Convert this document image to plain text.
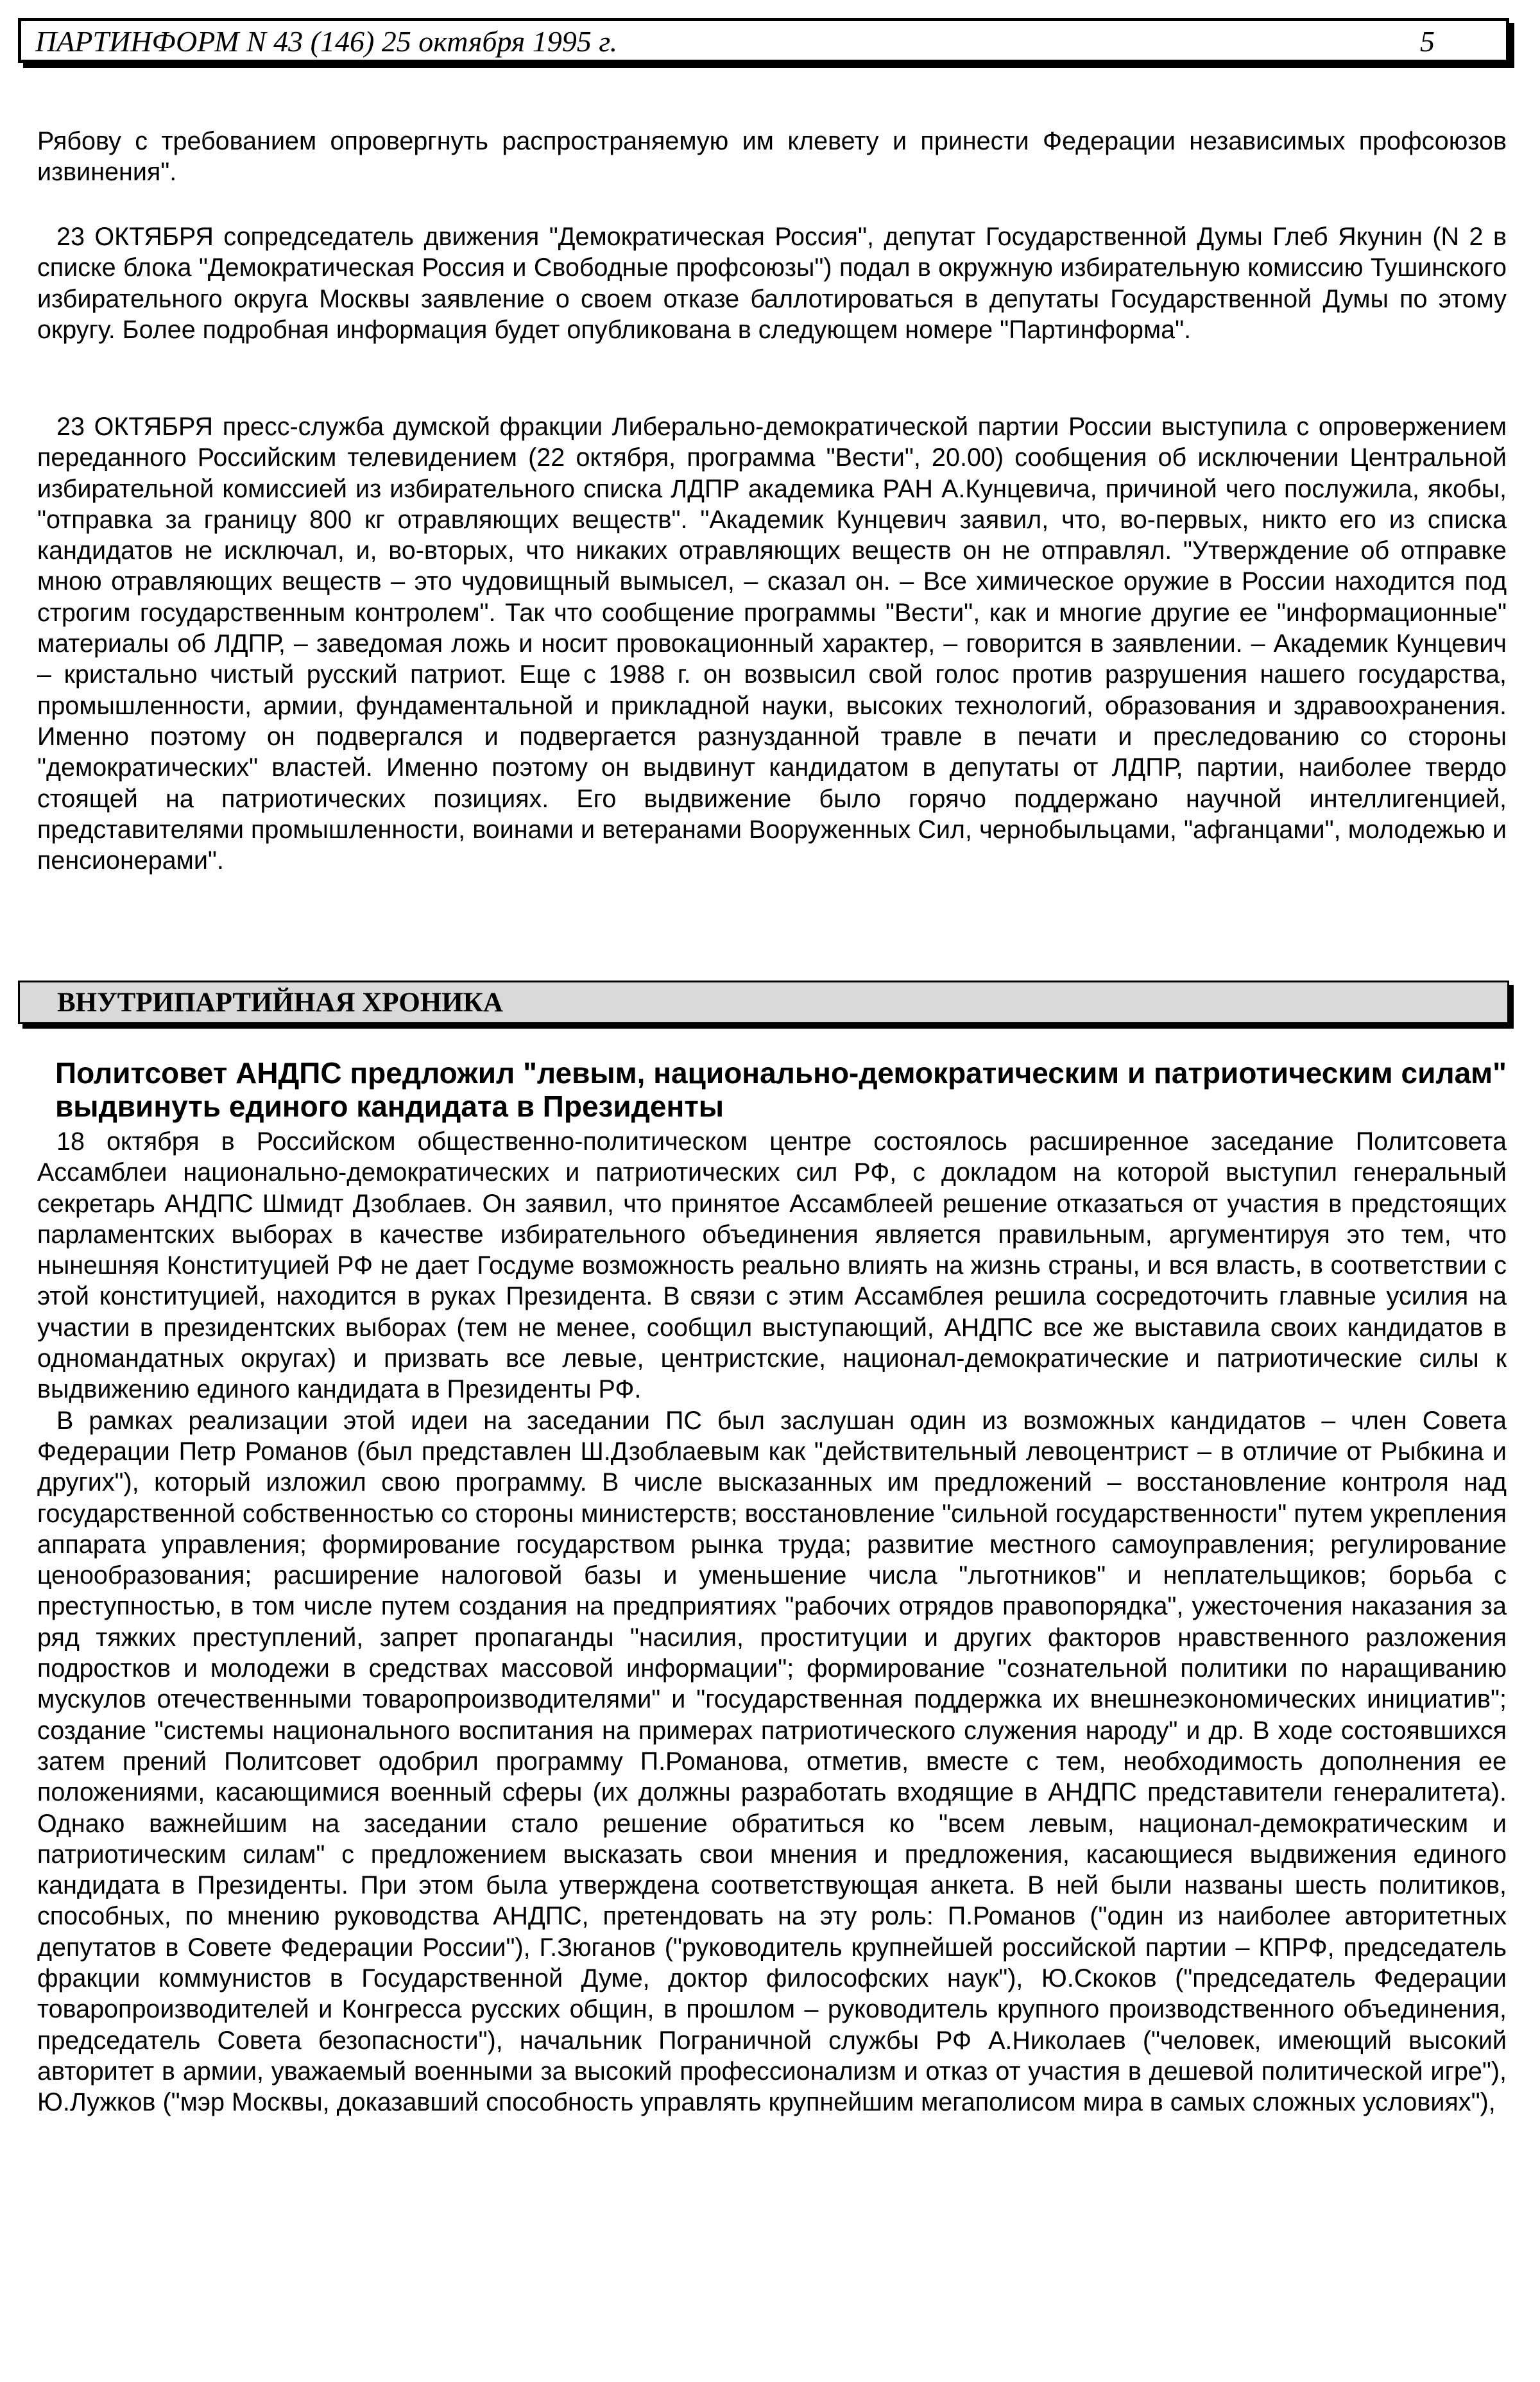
ПАРТИНФОРМ N 43 (146) 25 октября 1995 г.	5

Рябову с требованием опровергнуть распространяемую им клевету и принести Федерации независимых профсоюзов извинения".

23 ОКТЯБРЯ сопредседатель движения "Демократическая Россия", депутат Государственной Думы Глеб Якунин (N 2 в списке блока "Демократическая Россия и Свободные профсоюзы") подал в окружную избирательную комиссию Тушинского избирательного округа Москвы заявление о своем отказе баллотироваться в депутаты Государственной Думы по этому округу. Более подробная информация будет опубликована в следующем номере "Партинформа".

23 ОКТЯБРЯ пресс-служба думской фракции Либерально-демократической партии России выступила с опровержением переданного Российским телевидением (22 октября, программа "Вести", 20.00) сообщения об исключении Центральной избирательной комиссией из избирательного списка ЛДПР академика РАН А.Кунцевича, причиной чего послужила, якобы, "отправка за границу 800 кг отравляющих веществ". "Академик Кунцевич заявил, что, во-первых, никто его из списка кандидатов не исключал, и, во-вторых, что никаких отравляющих веществ он не отправлял. "Утверждение об отправке мною отравляющих веществ – это чудовищный вымысел, – сказал он. – Все химическое оружие в России находится под строгим государственным контролем". Так что сообщение программы "Вести", как и многие другие ее "информационные" материалы об ЛДПР, – заведомая ложь и носит провокационный характер, – говорится в заявлении. – Академик Кунцевич – кристально чистый русский патриот. Еще с 1988 г. он возвысил свой голос против разрушения нашего государства, промышленности, армии, фундаментальной и прикладной науки, высоких технологий, образования и здравоохранения. Именно поэтому он подвергался и подвергается разнузданной травле в печати и преследованию со стороны "демократических" властей. Именно поэтому он выдвинут кандидатом в депутаты от ЛДПР, партии, наиболее твердо стоящей на патриотических позициях. Его выдвижение было горячо поддержано научной интеллигенцией, представителями промышленности, воинами и ветеранами Вооруженных Сил, чернобыльцами, "афганцами", молодежью и пенсионерами".

ВНУТРИПАРТИЙНАЯ ХРОНИКА
Политсовет АНДПС предложил "левым, национально-демократическим и патриотическим силам" выдвинуть единого кандидата в Президенты

18 октября в Российском общественно-политическом центре состоялось расширенное заседание Политсовета Ассамблеи национально-демократических и патриотических сил РФ, с докладом на которой выступил генеральный секретарь АНДПС Шмидт Дзоблаев. Он заявил, что принятое Ассамблеей решение отказаться от участия в предстоящих парламентских выборах в качестве избирательного объединения является правильным, аргументируя это тем, что нынешняя Конституцией РФ не дает Госдуме возможность реально влиять на жизнь страны, и вся власть, в соответствии с этой конституцией, находится в руках Президента. В связи с этим Ассамблея решила сосредоточить главные усилия на участии в президентских выборах (тем не менее, сообщил выступающий, АНДПС все же выставила своих кандидатов в одномандатных округах) и призвать все левые, центристские, национал-демократические и патриотические силы к выдвижению единого кандидата в Президенты РФ.

В рамках реализации этой идеи на заседании ПС был заслушан один из возможных кандидатов – член Совета Федерации Петр Романов (был представлен Ш.Дзоблаевым как "действительный левоцентрист – в отличие от Рыбкина и других"), который изложил свою программу. В числе высказанных им предложений – восстановление контроля над государственной собственностью со стороны министерств; восстановление "сильной государственности" путем укрепления аппарата управления; формирование государством рынка труда; развитие местного самоуправления; регулирование ценообразования; расширение налоговой базы и уменьшение числа "льготников" и неплательщиков; борьба с преступностью, в том числе путем создания на предприятиях "рабочих отрядов правопорядка", ужесточения наказания за ряд тяжких преступлений, запрет пропаганды "насилия, проституции и других факторов нравственного разложения подростков и молодежи в средствах массовой информации"; формирование "сознательной политики по наращиванию мускулов отечественными товаропроизводителями" и "государственная поддержка их внешнеэкономических инициатив"; создание "системы национального воспитания на примерах патриотического служения народу" и др. В ходе состоявшихся затем прений Политсовет одобрил программу П.Романова, отметив, вместе с тем, необходимость дополнения ее положениями, касающимися военный сферы (их должны разработать входящие в АНДПС представители генералитета). Однако важнейшим на заседании стало решение обратиться ко "всем левым, национал-демократическим и патриотическим силам" с предложением высказать свои мнения и предложения, касающиеся выдвижения единого кандидата в Президенты. При этом была утверждена соответствующая анкета. В ней были названы шесть политиков, способных, по мнению руководства АНДПС, претендовать на эту роль: П.Романов ("один из наиболее авторитетных депутатов в Совете Федерации России"), Г.Зюганов ("руководитель крупнейшей российской партии – КПРФ, председатель фракции коммунистов в Государственной Думе, доктор философских наук"), Ю.Скоков ("председатель Федерации товаропроизводителей и Конгресса русских общин, в прошлом – руководитель крупного производственного объединения, председатель Совета безопасности"), начальник Пограничной службы РФ А.Николаев ("человек, имеющий высокий авторитет в армии, уважаемый военными за высокий профессионализм и отказ от участия в дешевой политической игре"), Ю.Лужков ("мэр Москвы, доказавший способность управлять крупнейшим мегаполисом мира в самых сложных условиях"),
